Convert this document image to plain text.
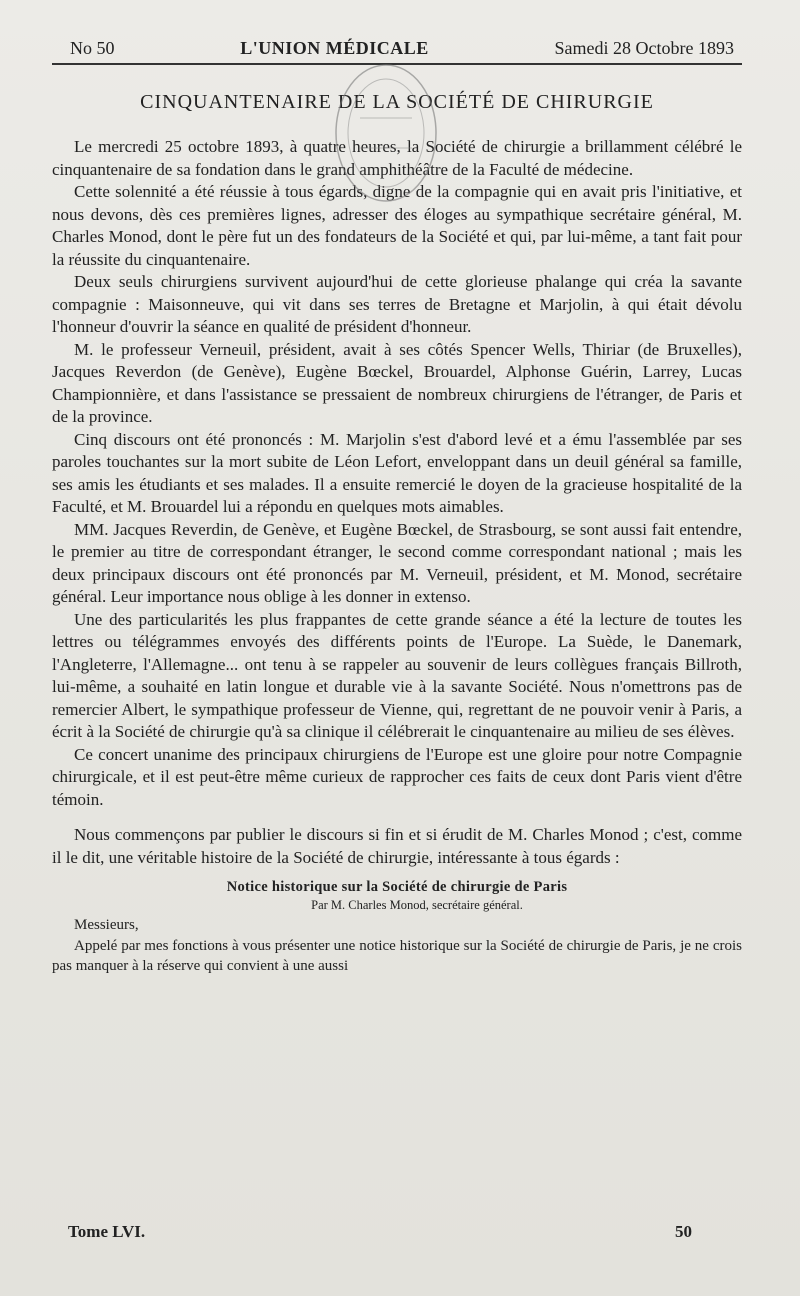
No 50	L'UNION MÉDICALE	Samedi 28 Octobre 1893
CINQUANTENAIRE DE LA SOCIÉTÉ DE CHIRURGIE

Le mercredi 25 octobre 1893, à quatre heures, la Société de chirurgie a brillamment célébré le cinquantenaire de sa fondation dans le grand amphithéâtre de la Faculté de médecine.

Cette solennité a été réussie à tous égards, digne de la compagnie qui en avait pris l'initiative, et nous devons, dès ces premières lignes, adresser des éloges au sympathique secrétaire général, M. Charles Monod, dont le père fut un des fondateurs de la Société et qui, par lui-même, a tant fait pour la réussite du cinquantenaire.

Deux seuls chirurgiens survivent aujourd'hui de cette glorieuse phalange qui créa la savante compagnie : Maisonneuve, qui vit dans ses terres de Bretagne et Marjolin, à qui était dévolu l'honneur d'ouvrir la séance en qualité de président d'honneur.

M. le professeur Verneuil, président, avait à ses côtés Spencer Wells, Thiriar (de Bruxelles), Jacques Reverdon (de Genève), Eugène Bœckel, Brouardel, Alphonse Guérin, Larrey, Lucas Championnière, et dans l'assistance se pressaient de nombreux chirurgiens de l'étranger, de Paris et de la province.

Cinq discours ont été prononcés : M. Marjolin s'est d'abord levé et a ému l'assemblée par ses paroles touchantes sur la mort subite de Léon Lefort, enveloppant dans un deuil général sa famille, ses amis les étudiants et ses malades. Il a ensuite remercié le doyen de la gracieuse hospitalité de la Faculté, et M. Brouardel lui a répondu en quelques mots aimables.

MM. Jacques Reverdin, de Genève, et Eugène Bœckel, de Strasbourg, se sont aussi fait entendre, le premier au titre de correspondant étranger, le second comme correspondant national ; mais les deux principaux discours ont été prononcés par M. Verneuil, président, et M. Monod, secrétaire général. Leur importance nous oblige à les donner in extenso.

Une des particularités les plus frappantes de cette grande séance a été la lecture de toutes les lettres ou télégrammes envoyés des différents points de l'Europe. La Suède, le Danemark, l'Angleterre, l'Allemagne... ont tenu à se rappeler au souvenir de leurs collègues français Billroth, lui-même, a souhaité en latin longue et durable vie à la savante Société. Nous n'omettrons pas de remercier Albert, le sympathique professeur de Vienne, qui, regrettant de ne pouvoir venir à Paris, a écrit à la Société de chirurgie qu'à sa clinique il célébrerait le cinquantenaire au milieu de ses élèves.

Ce concert unanime des principaux chirurgiens de l'Europe est une gloire pour notre Compagnie chirurgicale, et il est peut-être même curieux de rapprocher ces faits de ceux dont Paris vient d'être témoin.

Nous commençons par publier le discours si fin et si érudit de M. Charles Monod ; c'est, comme il le dit, une véritable histoire de la Société de chirurgie, intéressante à tous égards :

Notice historique sur la Société de chirurgie de Paris
Par M. Charles Monod, secrétaire général.
Messieurs,

Appelé par mes fonctions à vous présenter une notice historique sur la Société de chirurgie de Paris, je ne crois pas manquer à la réserve qui convient à une aussi

Tome LVI.	50
